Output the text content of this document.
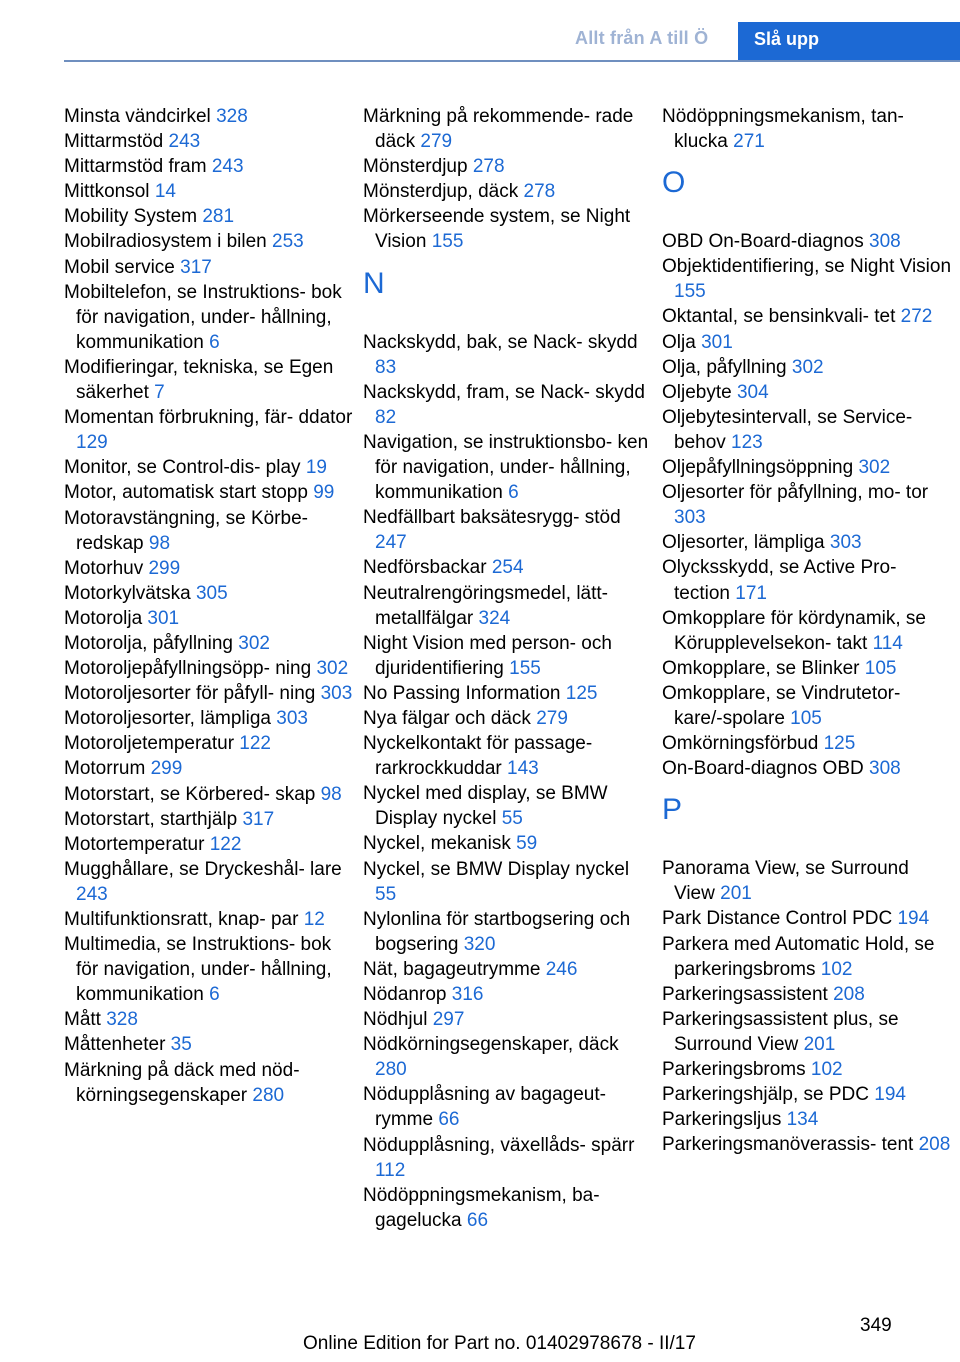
Allt från A till Ö	Slå upp
Minsta vändcirkel 328
Mittarmstöd 243
Mittarmstöd fram 243
Mittkonsol 14
Mobility System 281
Mobilradiosystem i bilen 253
Mobil service 317
Mobiltelefon, se Instruktions‐ bok för navigation, under‐ hållning, kommunikation 6
Modifieringar, tekniska, se Egen säkerhet 7
Momentan förbrukning, fär‐ ddator 129
Monitor, se Control-dis‐ play 19
Motor, automatisk start stopp 99
Motoravstängning, se Körbe‐ redskap 98
Motorhuv 299
Motorkylvätska 305
Motorolja 301
Motorolja, påfyllning 302
Motoroljepåfyllningsöpp‐ ning 302
Motoroljesorter för påfyll‐ ning 303
Motoroljesorter, lämpliga 303
Motoroljetemperatur 122
Motorrum 299
Motorstart, se Körbered‐ skap 98
Motorstart, starthjälp 317
Motortemperatur 122
Mugghållare, se Dryckeshål‐ lare 243
Multifunktionsratt, knap‐ par 12
Multimedia, se Instruktions‐ bok för navigation, under‐ hållning, kommunikation 6
Mått 328
Måttenheter 35
Märkning på däck med nöd‐ körningsegenskaper 280
Märkning på rekommende‐ rade däck 279
Mönsterdjup 278
Mönsterdjup, däck 278
Mörkerseende system, se Night Vision 155
N
Nackskydd, bak, se Nack‐ skydd 83
Nackskydd, fram, se Nack‐ skydd 82
Navigation, se instruktionsbo‐ ken för navigation, under‐ hållning, kommunikation 6
Nedfällbart baksätesrygg‐ stöd 247
Nedförsbackar 254
Neutralrengöringsmedel, lätt‐ metallfälgar 324
Night Vision med person- och djuridentifiering 155
No Passing Information 125
Nya fälgar och däck 279
Nyckelkontakt för passage‐ rarkrockkuddar 143
Nyckel med display, se BMW Display nyckel 55
Nyckel, mekanisk 59
Nyckel, se BMW Display nyckel 55
Nylonlina för startbogsering och bogsering 320
Nät, bagageutrymme 246
Nödanrop 316
Nödhjul 297
Nödkörningsegenskaper, däck 280
Nödupplåsning av bagageut‐ rymme 66
Nödupplåsning, växellåds‐ spärr 112
Nödöppningsmekanism, ba‐ gagelucka 66
Nödöppningsmekanism, tan‐ klucka 271
O
OBD On-Board-diagnos 308
Objektidentifiering, se Night Vision 155
Oktantal, se bensinkvali‐ tet 272
Olja 301
Olja, påfyllning 302
Oljebyte 304
Oljebytesintervall, se Service‐ behov 123
Oljepåfyllningsöppning 302
Oljesorter för påfyllning, mo‐ tor 303
Oljesorter, lämpliga 303
Olycksskydd, se Active Pro‐ tection 171
Omkopplare för kördynamik, se Körupplevelsekon‐ takt 114
Omkopplare, se Blinker 105
Omkopplare, se Vindrutetor‐ kare/-spolare 105
Omkörningsförbud 125
On-Board-diagnos OBD 308
P
Panorama View, se Surround View 201
Park Distance Control PDC 194
Parkera med Automatic Hold, se parkeringsbroms 102
Parkeringsassistent 208
Parkeringsassistent plus, se Surround View 201
Parkeringsbroms 102
Parkeringshjälp, se PDC 194
Parkeringsljus 134
Parkeringsmanöverassis‐ tent 208
349
Online Edition for Part no. 01402978678 - II/17
